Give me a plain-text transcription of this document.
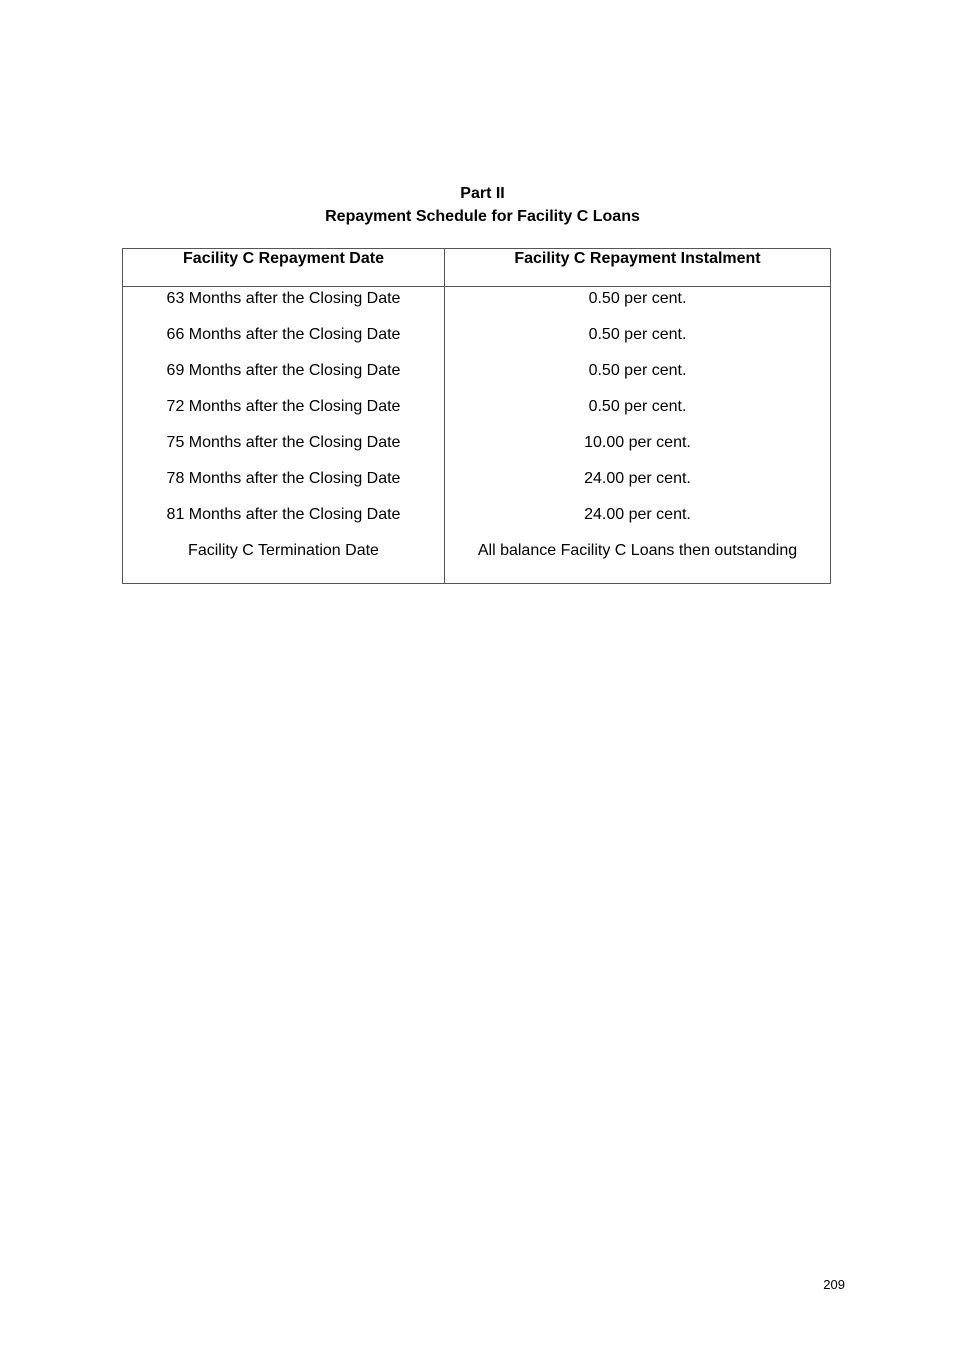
Part II
Repayment Schedule for Facility C Loans
Facility C Repayment Date	Facility C Repayment Instalment
63 Months after the Closing Date	0.50 per cent.
66 Months after the Closing Date	0.50 per cent.
69 Months after the Closing Date	0.50 per cent.
72 Months after the Closing Date	0.50 per cent.
75 Months after the Closing Date	10.00 per cent.
78 Months after the Closing Date	24.00 per cent.
81 Months after the Closing Date	24.00 per cent.
Facility C Termination Date	All balance Facility C Loans then outstanding
209
